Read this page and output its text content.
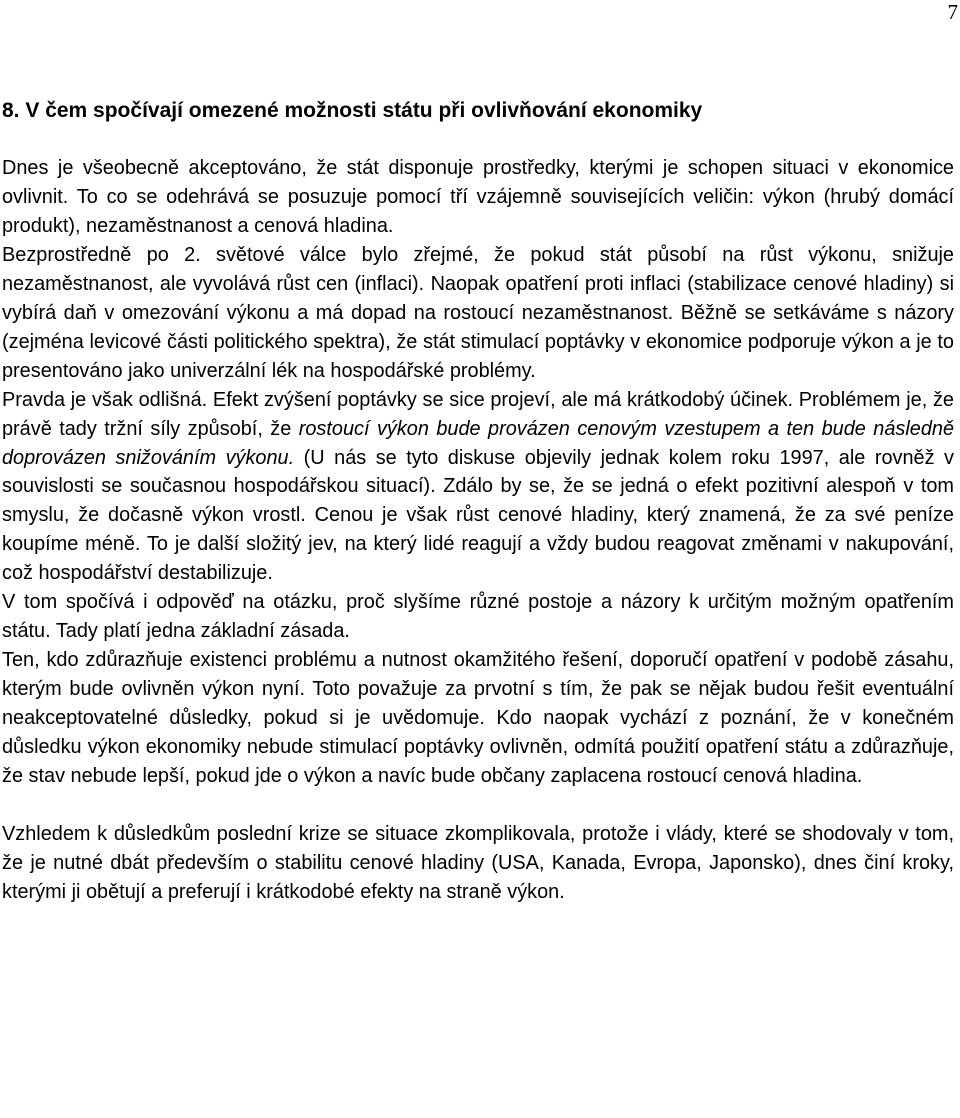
7
8. V čem spočívají omezené možnosti státu při ovlivňování ekonomiky

Dnes je všeobecně akceptováno, že stát disponuje prostředky, kterými je schopen situaci v ekonomice ovlivnit. To co se odehrává se posuzuje pomocí tří vzájemně souvisejících veličin: výkon (hrubý domácí produkt), nezaměstnanost a cenová hladina.

Bezprostředně po 2. světové válce bylo zřejmé, že pokud stát působí na růst výkonu, snižuje nezaměstnanost, ale vyvolává růst cen (inflaci). Naopak opatření proti inflaci (stabilizace cenové hladiny) si vybírá daň v omezování výkonu a má dopad na rostoucí nezaměstnanost. Běžně se setkáváme s názory (zejména levicové části politického spektra), že stát stimulací poptávky v ekonomice podporuje výkon a je to presentováno jako univerzální lék na hospodářské problémy.

Pravda je však odlišná. Efekt zvýšení poptávky se sice projeví, ale má krátkodobý účinek. Problémem je, že právě tady tržní síly způsobí, že rostoucí výkon bude provázen cenovým vzestupem a ten bude následně doprovázen snižováním výkonu. (U nás se tyto diskuse objevily jednak kolem roku 1997, ale rovněž v souvislosti se současnou hospodářskou situací). Zdálo by se, že se jedná o efekt pozitivní alespoň v tom smyslu, že dočasně výkon vrostl. Cenou je však růst cenové hladiny, který znamená, že za své peníze koupíme méně. To je další složitý jev, na který lidé reagují a vždy budou reagovat změnami v nakupování, což hospodářství destabilizuje.

V tom spočívá i odpověď na otázku, proč slyšíme různé postoje a názory k určitým možným opatřením státu. Tady platí jedna základní zásada.

Ten, kdo zdůrazňuje existenci problému a nutnost okamžitého řešení, doporučí opatření v podobě zásahu, kterým bude ovlivněn výkon nyní. Toto považuje za prvotní s tím, že pak se nějak budou řešit eventuální neakceptovatelné důsledky, pokud si je uvědomuje. Kdo naopak vychází z poznání, že v konečném důsledku výkon ekonomiky nebude stimulací poptávky ovlivněn, odmítá použití opatření státu a zdůrazňuje, že stav nebude lepší, pokud jde o výkon a navíc bude občany zaplacena rostoucí cenová hladina.

Vzhledem k důsledkům poslední krize se situace zkomplikovala, protože i vlády, které se shodovaly v tom, že je nutné dbát především o stabilitu cenové hladiny (USA, Kanada, Evropa, Japonsko), dnes činí kroky, kterými ji obětují a preferují i krátkodobé efekty na straně výkon.
